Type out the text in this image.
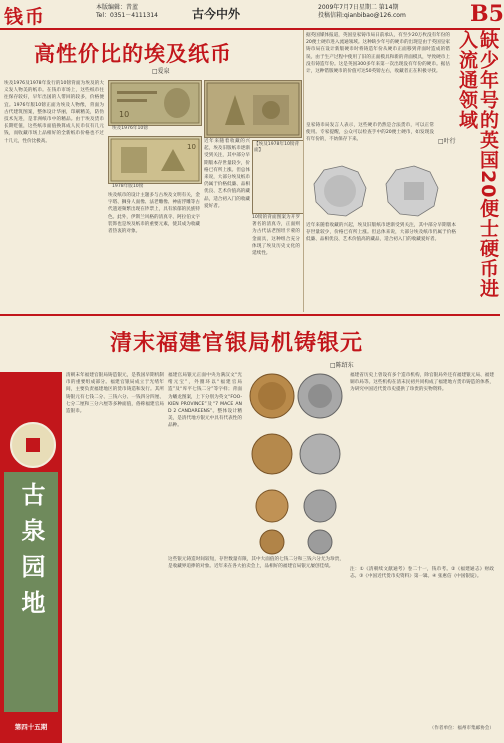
钱币	本版编辑：昔蓝
Tel：0351－4111314	古今中外	2009年7月7日星期二 第14期
投稿信箱:qianbibao@126.com	B5
高性价比的埃及纸币
□爱泉
埃及1976及1978年发行的10镑背面为埃及的大义发人物美的纸币。在钱币市场上，这些纸币往往保存较好，早年出国的人带回的较多，价格便宜。1976年版10镑正面为埃及人物像，背面为古代建筑图案，整体设计华丽，印刷精美，防伪技术先进，是非洲纸币中的精品。由于埃及货币长期贬值，这些纸币面值换算成人民币仅有几元钱，而收藏市场上品相好的全新纸币价格也不过十几元，性价比极高。
10
埃及1976年10镑
10
1978年版10镑
埃及纸币的设计主题多与古埃及文明有关，金字塔、狮身人面像、法老雕像、神庙浮雕等古代遗迹频繁出现在钞票上，具有浓郁的民族特色。此外，伊斯兰风格的清真寺、阿拉伯文字装饰也是埃及纸币的重要元素，使其成为收藏者热衷的对象。
近年来随着收藏的兴起，埃及旧版纸币逐渐受到关注，其中部分早期版本存世量较少，价格已有所上涨。但总体来说，大部分埃及纸币仍属于价格低廉、品相优良、艺术价值高的藏品，适合初入门的收藏爱好者。
【埃及1978年10镑背面】
10镑的背面图案为开罗著名的清真寺，正面则为古代法老图坦卡蒙的金面具，这种组合充分体现了埃及历史文化的延续性。
据英国媒体报道，英国皇家铸币局日前承认，有至少20万枚没有年份的20便士硬币进入流通领域。这种缺少年号的硬币的出现是由于英国皇家铸币局在设计新版硬币时将铸造年份从硬币正面移到背面时造成的错误。由于生产过程中使用了旧的正面模具和新的背面模具，导致硬币上没有铸造年份。这是英国300多年来第一次出现没有年份的硬币。据估计，这种错版硬币的价值可达50英镑左右，收藏者正在积极寻找。	缺少年号的英国20便士硬币进入流通领域
□叶行
皇家铸币局发言人表示，这些硬币仍然是合法货币，可以正常使用。专家提醒，公众可以检查手中的20便士硬币，如发现没有年份的，不妨保存下来。
近年来随着收藏的兴起，埃及旧版纸币逐渐受到关注，其中部分早期版本存世量较少，价格已有所上涨。但总体来说，大部分埃及纸币仍属于价格低廉、品相优良、艺术价值高的藏品，适合初入门的收藏爱好者。
清末福建官银局机铸银元
□陈绍东
古泉园地
第四十五期
清朝末年福建官银局铸造银元，是我国早期机制币的重要组成部分。福建官银局成立于光绪年间，主要负责福建地区的货币铸造和发行。其所铸银元有七钱二分、三钱六分、一钱四分四厘、七分二厘和三分六厘等多种面值，俗称福建官局造银币。
福建官局银元正面中央为满汉文“光绪元宝”，外圈环以“福建官局造”及“库平七钱二分”等字样；背面为蟠龙图案，上下分别为英文“FOO-KIEN PROVINCE”及“7 MACE AND 2 CANDAREENS”。整体设计精美，是清代地方银元中具有代表性的品种。
这些银元铸造时间较短，存世数量有限，其中大面值的七钱二分和三钱六分尤为珍贵，是收藏界追捧的对象。近年来在各大拍卖会上，品相好的福建官局银元屡创佳绩。
福建省历史上曾设有多个造币机构，除官银局外还有福建银元局、福建铜币局等。这些机构在清末民初共同构成了福建地方货币铸造的体系，为研究中国近代货币史提供了珍贵的实物资料。
注：①《清朝续文献通考》卷二十一，钱币考。②《福建通志》财政志。③《中国近代货币史资料》第一辑。④ 张惠信《中国银锭》。
（作者单位：福州市集邮协会）
